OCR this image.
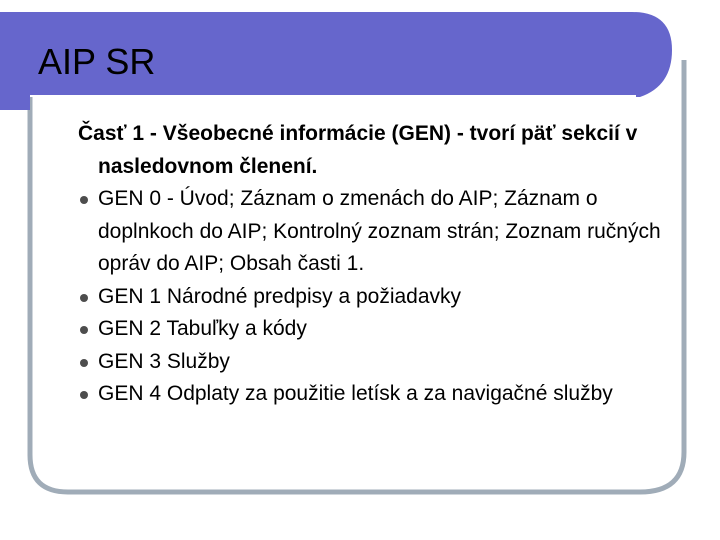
AIP SR
Časť 1 - Všeobecné informácie (GEN) - tvorí päť sekcií v nasledovnom členení.
GEN 0 - Úvod; Záznam o zmenách do AIP; Záznam o doplnkoch do AIP; Kontrolný zoznam strán; Zoznam ručných opráv do AIP; Obsah časti 1.
GEN 1 Národné predpisy a požiadavky
GEN 2 Tabuľky a kódy
GEN 3 Služby
GEN 4 Odplaty za použitie letísk a za navigačné služby
